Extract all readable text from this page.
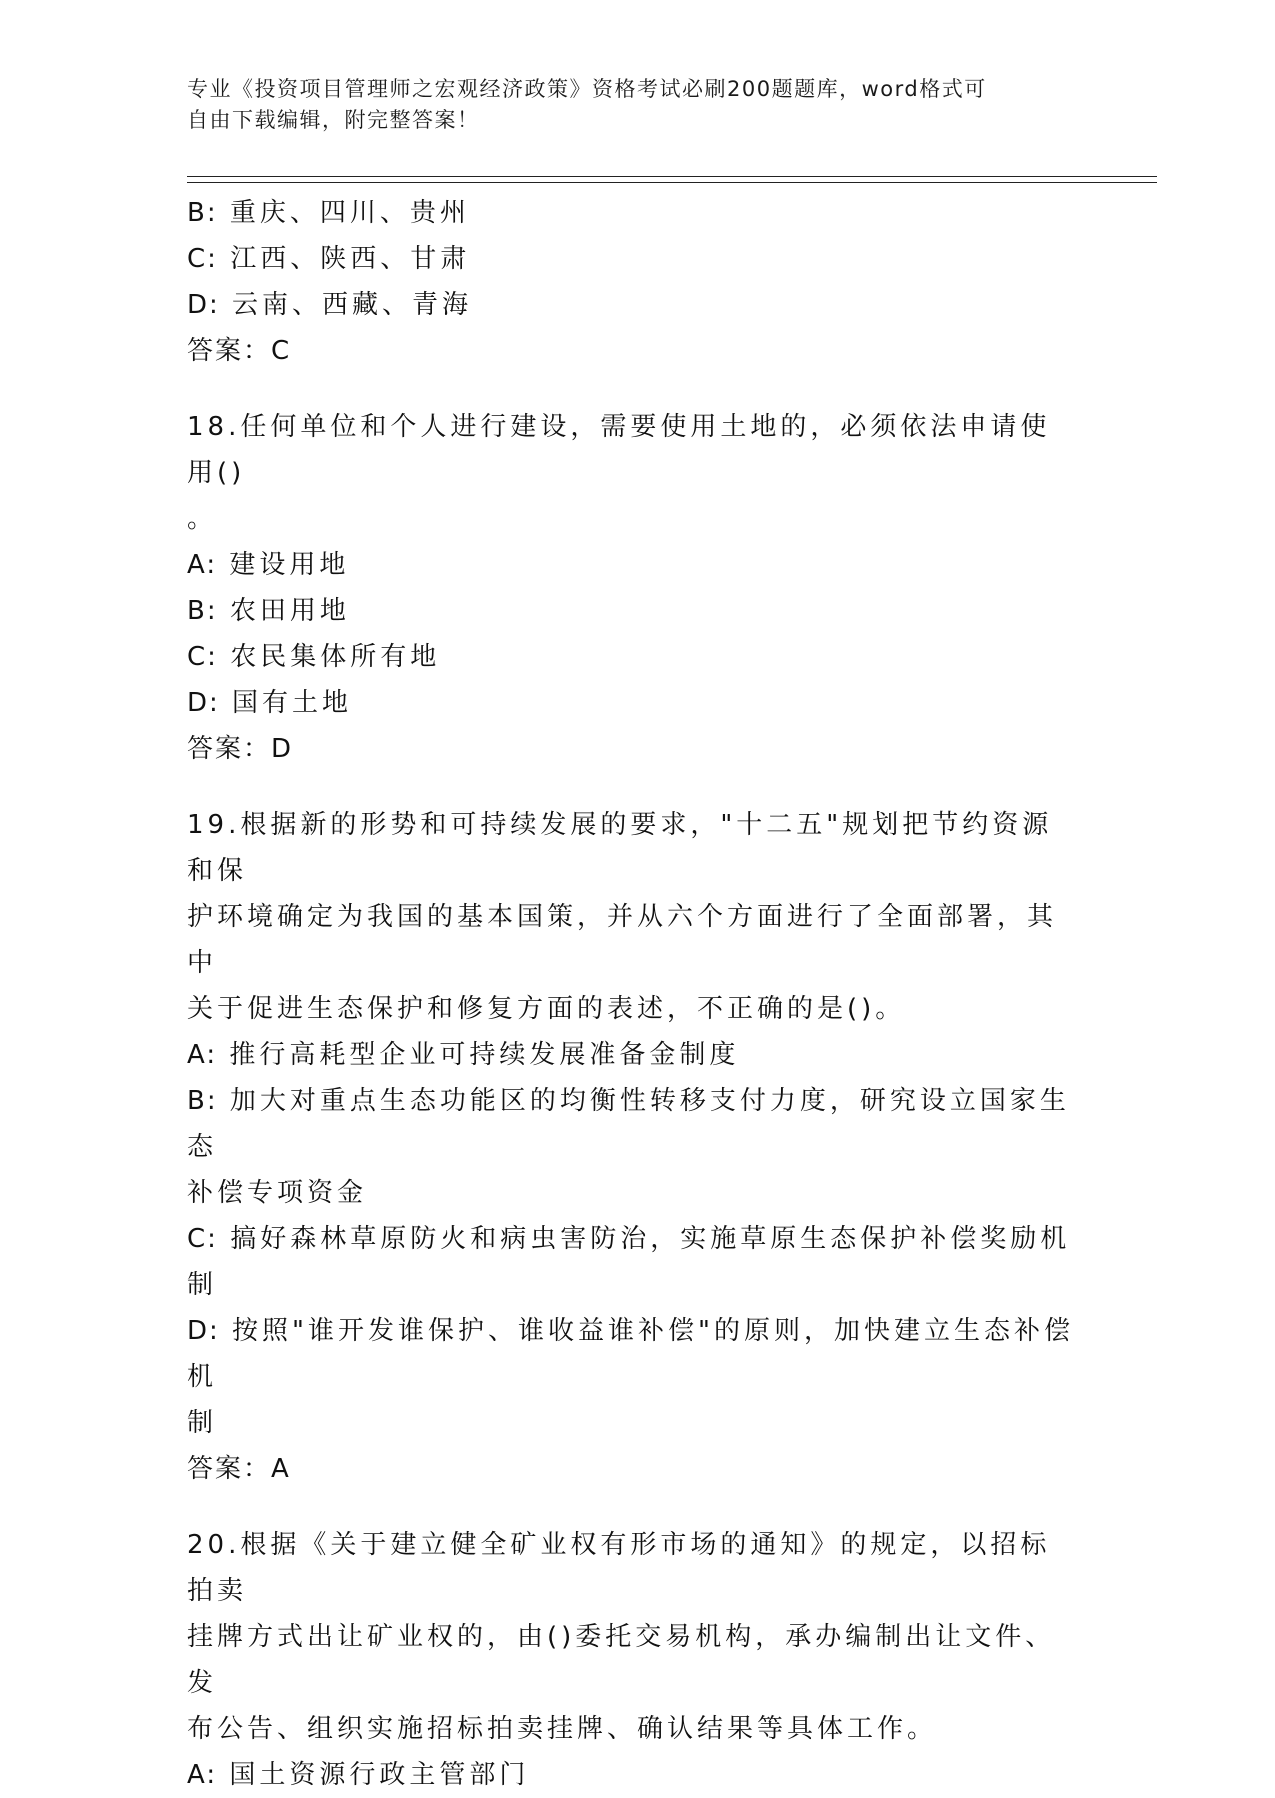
专业《投资项目管理师之宏观经济政策》资格考试必刷200题题库，word格式可
自由下载编辑，附完整答案！
B: 重庆、四川、贵州
C: 江西、陕西、甘肃
D: 云南、西藏、青海
答案：C
18.任何单位和个人进行建设，需要使用土地的，必须依法申请使用()
。
A: 建设用地
B: 农田用地
C: 农民集体所有地
D: 国有土地
答案：D
19.根据新的形势和可持续发展的要求，"十二五"规划把节约资源和保
护环境确定为我国的基本国策，并从六个方面进行了全面部署，其中
关于促进生态保护和修复方面的表述，不正确的是()。
A: 推行高耗型企业可持续发展准备金制度
B: 加大对重点生态功能区的均衡性转移支付力度，研究设立国家生态
补偿专项资金
C: 搞好森林草原防火和病虫害防治，实施草原生态保护补偿奖励机制
D: 按照"谁开发谁保护、谁收益谁补偿"的原则，加快建立生态补偿机
制
答案：A
20.根据《关于建立健全矿业权有形市场的通知》的规定，以招标拍卖
挂牌方式出让矿业权的，由()委托交易机构，承办编制出让文件、发
布公告、组织实施招标拍卖挂牌、确认结果等具体工作。
A: 国土资源行政主管部门
